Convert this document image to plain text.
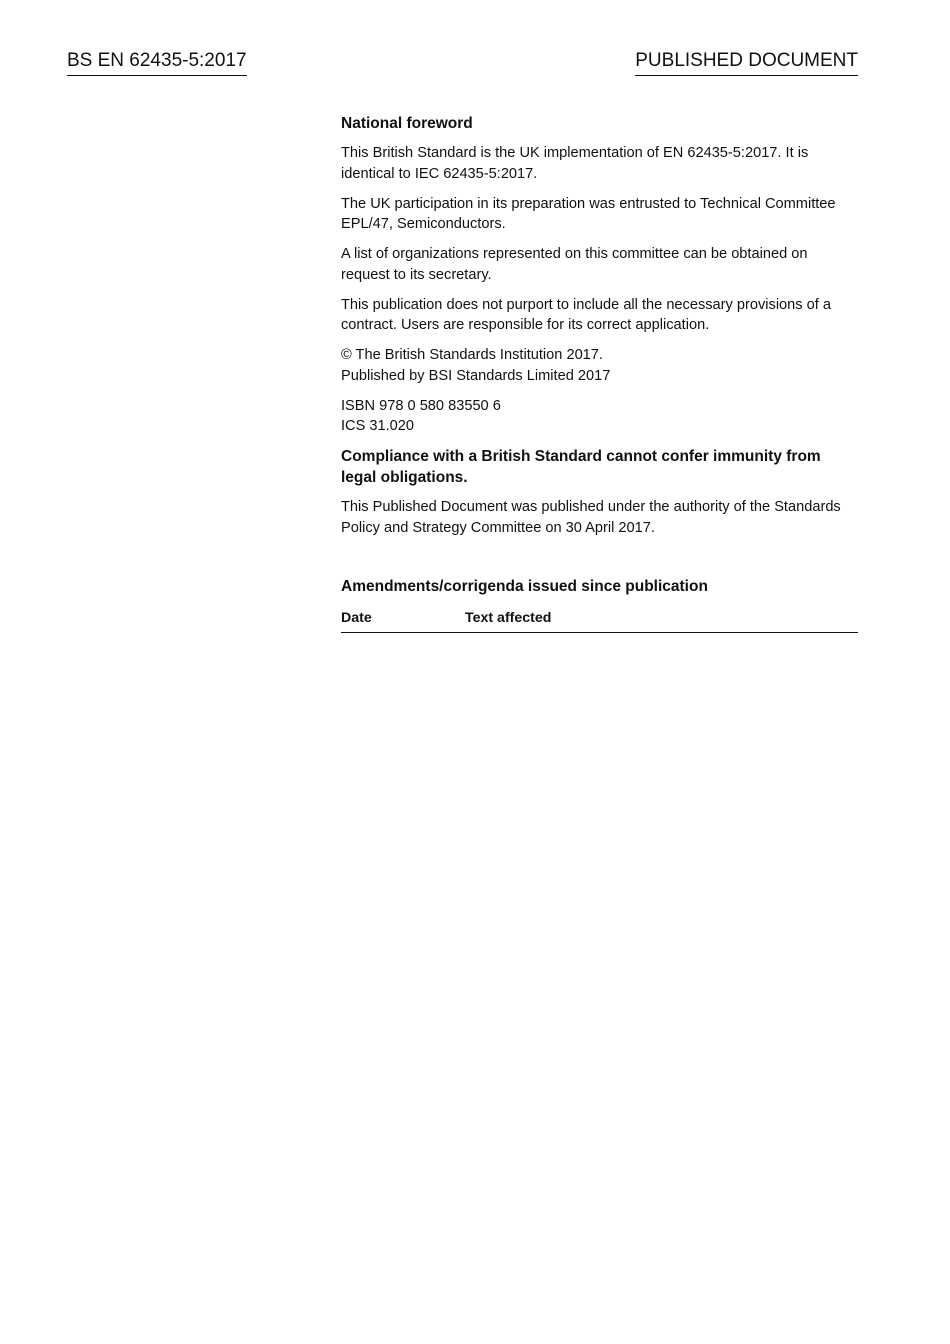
BS EN 62435-5:2017	PUBLISHED DOCUMENT
National foreword

This British Standard is the UK implementation of EN 62435-5:2017. It is identical to IEC 62435-5:2017.

The UK participation in its preparation was entrusted to Technical Committee EPL/47, Semiconductors.

A list of organizations represented on this committee can be obtained on request to its secretary.

This publication does not purport to include all the necessary provisions of a contract. Users are responsible for its correct application.

© The British Standards Institution 2017.
Published by BSI Standards Limited 2017

ISBN 978 0 580 83550 6
ICS 31.020

Compliance with a British Standard cannot confer immunity from legal obligations.

This Published Document was published under the authority of the Standards Policy and Strategy Committee on 30 April 2017.

Amendments/corrigenda issued since publication
Date	Text affected
